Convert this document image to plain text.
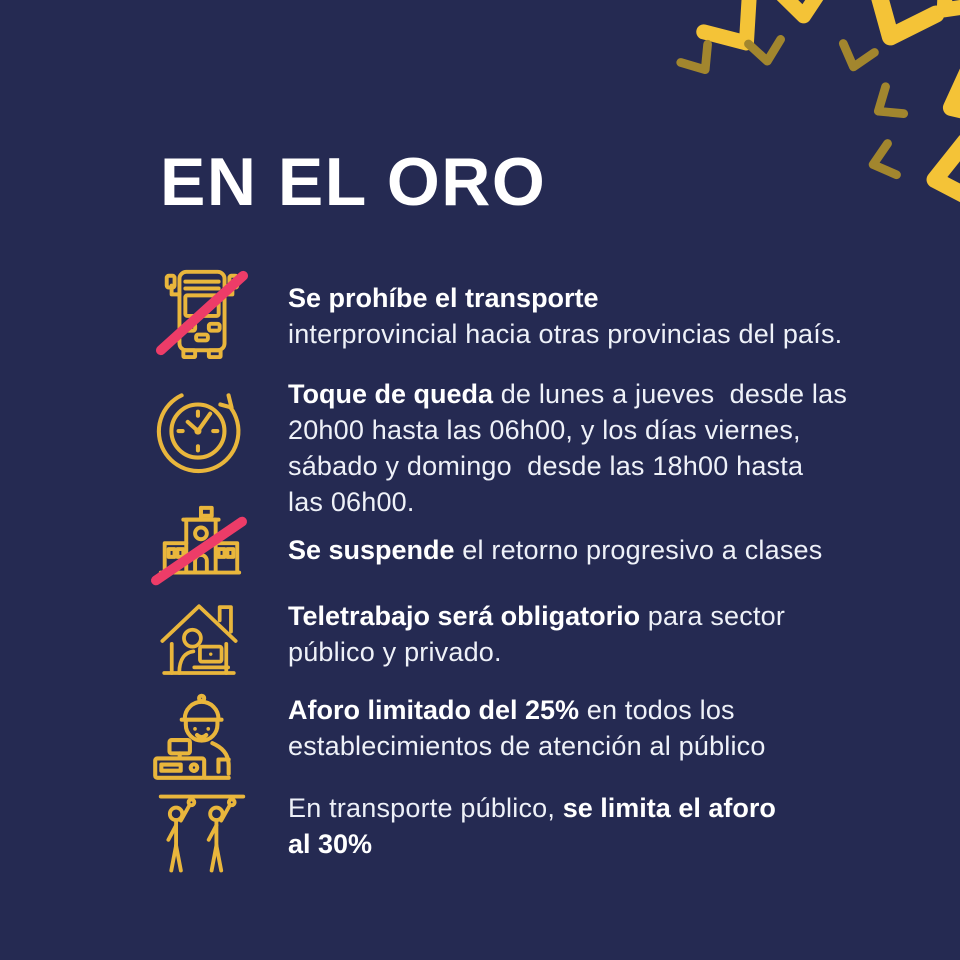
EN EL ORO
Se prohíbe el transporte
interprovincial hacia otras provincias del país.
Toque de queda de lunes a jueves  desde las
20h00 hasta las 06h00, y los días viernes,
sábado y domingo  desde las 18h00 hasta
las 06h00.
Se suspende el retorno progresivo a clases
Teletrabajo será obligatorio para sector
público y privado.
Aforo limitado del 25% en todos los
establecimientos de atención al público
En transporte público, se limita el aforo
al 30%
